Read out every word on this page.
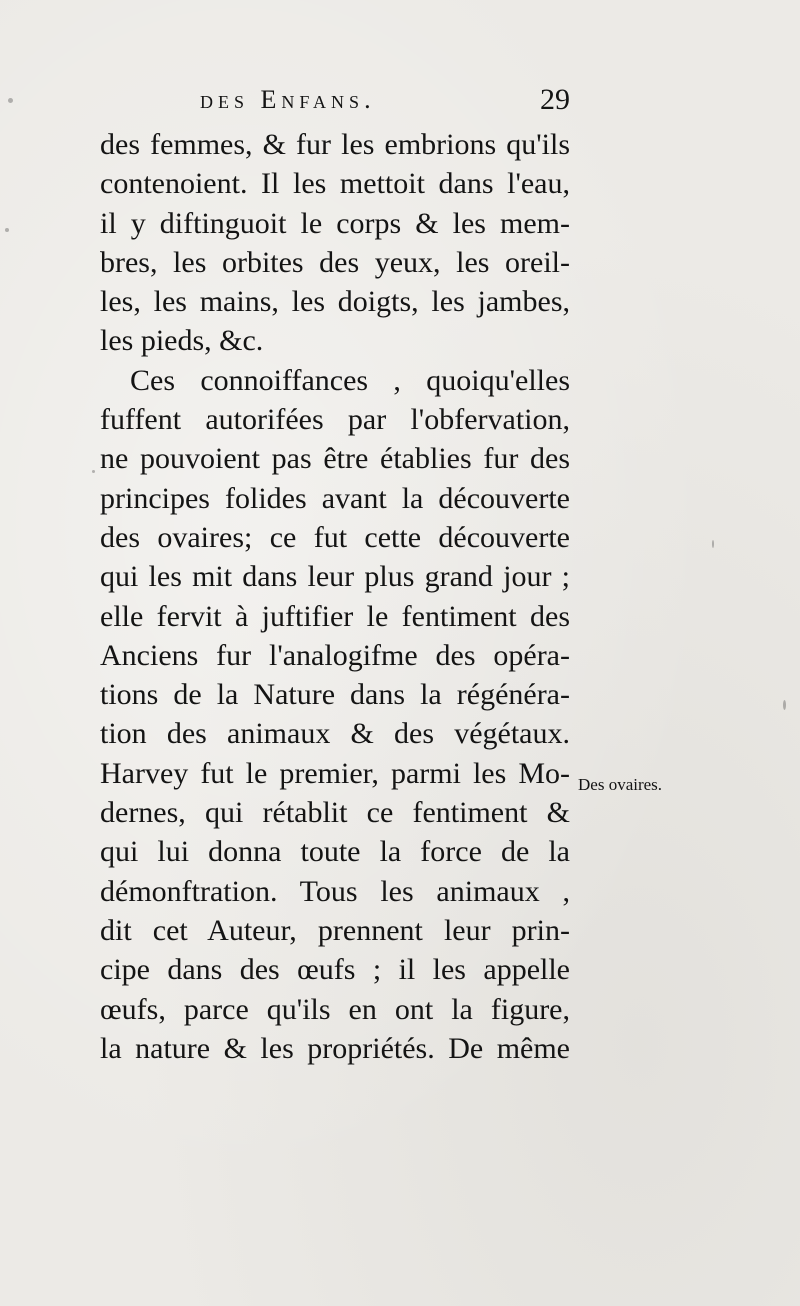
des Enfans.	29
des femmes, & fur les embrions qu'ils
contenoient. Il les mettoit dans l'eau,
il y diftinguoit le corps & les mem-
bres, les orbites des yeux, les oreil-
les, les mains, les doigts, les jambes,
les pieds, &c.
Ces connoiffances , quoiqu'elles
fuffent autorifées par l'obfervation,
ne pouvoient pas être établies fur des
principes folides avant la découverte
des ovaires; ce fut cette découverte
qui les mit dans leur plus grand jour ;
elle fervit à juftifier le fentiment des
Anciens fur l'analogifme des opéra-
tions de la Nature dans la régénéra-
tion des animaux & des végétaux.
Harvey fut le premier, parmi les Mo-
dernes, qui rétablit ce fentiment &
qui lui donna toute la force de la
démonftration. Tous les animaux ,
dit cet Auteur, prennent leur prin-
cipe dans des œufs ; il les appelle
œufs, parce qu'ils en ont la figure,
la nature & les propriétés. De même
Des ovaires.
